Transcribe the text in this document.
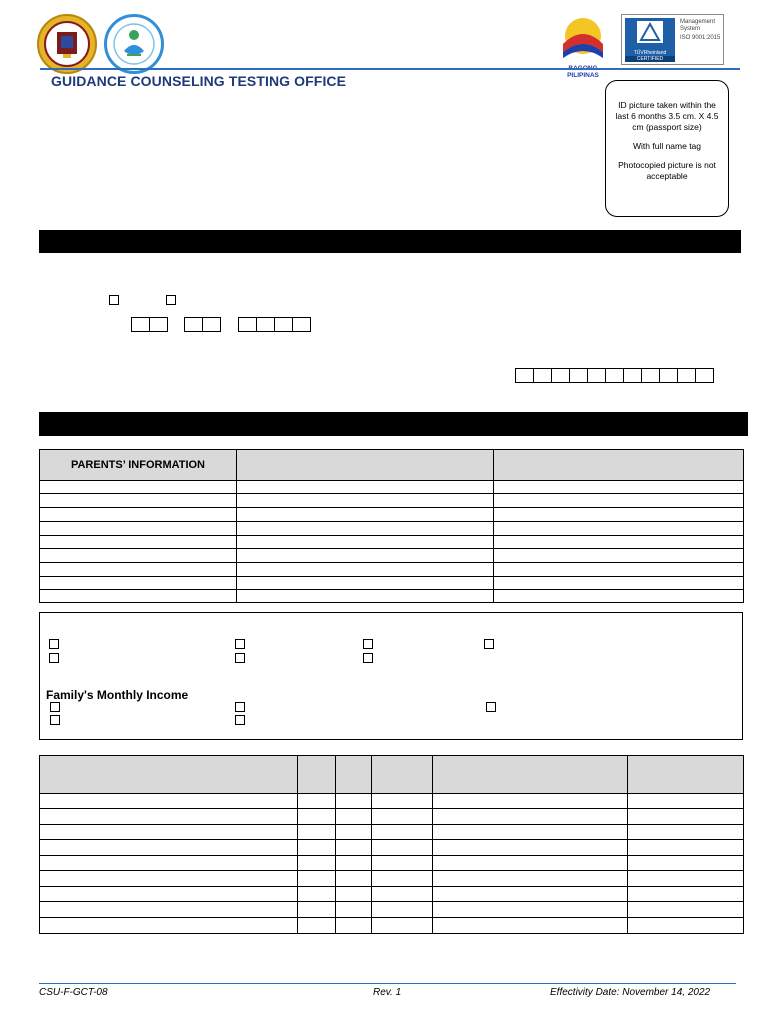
PILIPINAS
TÜVRheinland
CERTIFIED
Management System
ISO 9001:2015
GUIDANCE COUNSELING TESTING OFFICE

ID picture taken within the last 6 months 3.5 cm. X 4.5 cm (passport size)

With full name tag

Photocopied picture is not acceptable

PARENTS’ INFORMATION		

Family's Monthly Income

CSU-F-GCT-08	Rev. 1	Effectivity Date: November 14, 2022
